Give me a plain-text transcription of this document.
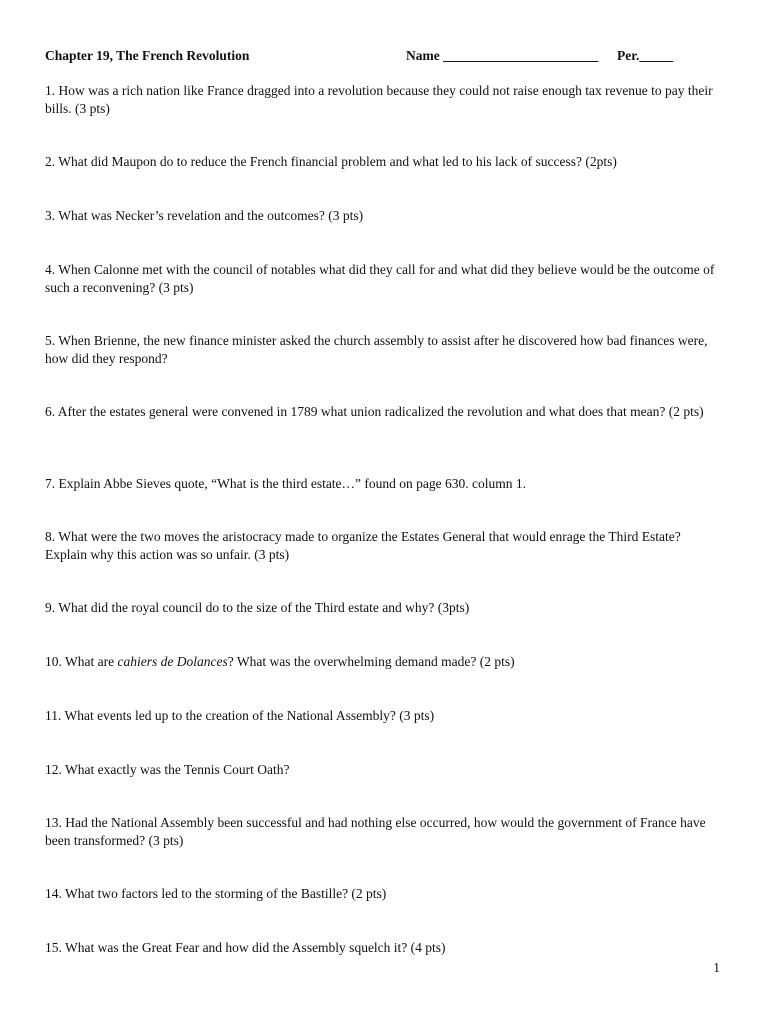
Chapter 19, The French Revolution	Name _______________________ Per._____

1. How was a rich nation like France dragged into a revolution because they could not raise enough tax revenue to pay their bills. (3 pts)

2. What did Maupon do to reduce the French financial problem and what led to his lack of success? (2pts)

3. What was Necker’s revelation and the outcomes? (3 pts)

4. When Calonne met with the council of notables what did they call for and what did they believe would be the outcome of such a reconvening? (3 pts)

5. When Brienne, the new finance minister asked the church assembly to assist after he discovered how bad finances were, how did they respond?

6. After the estates general were convened in 1789 what union radicalized the revolution and what does that mean? (2 pts)

7. Explain Abbe Sieves quote, “What is the third estate…” found on page 630. column 1.

8. What were the two moves the aristocracy made to organize the Estates General that would enrage the Third Estate? Explain why this action was so unfair. (3 pts)

9. What did the royal council do to the size of the Third estate and why? (3pts)

10. What are cahiers de Dolances? What was the overwhelming demand made? (2 pts)

11. What events led up to the creation of the National Assembly? (3 pts)

12. What exactly was the Tennis Court Oath?

13. Had the National Assembly been successful and had nothing else occurred, how would the government of France have been transformed? (3 pts)

14. What two factors led to the storming of the Bastille? (2 pts)

15. What was the Great Fear and how did the Assembly squelch it? (4 pts)

1
